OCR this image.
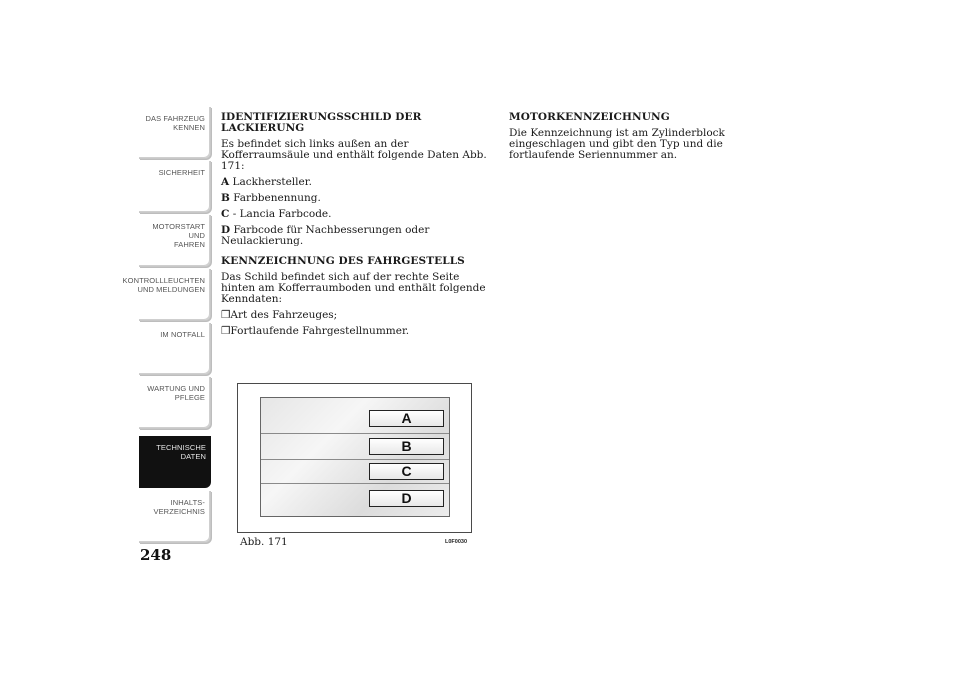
DAS FAHRZEUG
KENNEN
SICHERHEIT
MOTORSTART UND
FAHREN
KONTROLLLEUCHTEN
UND MELDUNGEN
IM NOTFALL
WARTUNG UND
PFLEGE
TECHNISCHE
DATEN
INHALTS-
VERZEICHNIS
248
IDENTIFIZIERUNGSSCHILD DER LACKIERUNG

Es befindet sich links außen an der Kofferraumsäule und enthält folgende Daten Abb. 171:

A Lackhersteller.

B Farbbenennung.

C - Lancia Farbcode.

D Farbcode für Nachbesserungen oder Neulackierung.

KENNZEICHNUNG DES FAHRGESTELLS

Das Schild befindet sich auf der rechte Seite hinten am Kofferraumboden und enthält folgende Kenndaten:

❒Art des Fahrzeuges;

❒Fortlaufende Fahrgestellnummer.

MOTORKENNZEICHNUNG

Die Kennzeichnung ist am Zylinderblock eingeschlagen und gibt den Typ und die fortlaufende Seriennummer an.

A
B
C
D
Abb. 171	L0F0030
